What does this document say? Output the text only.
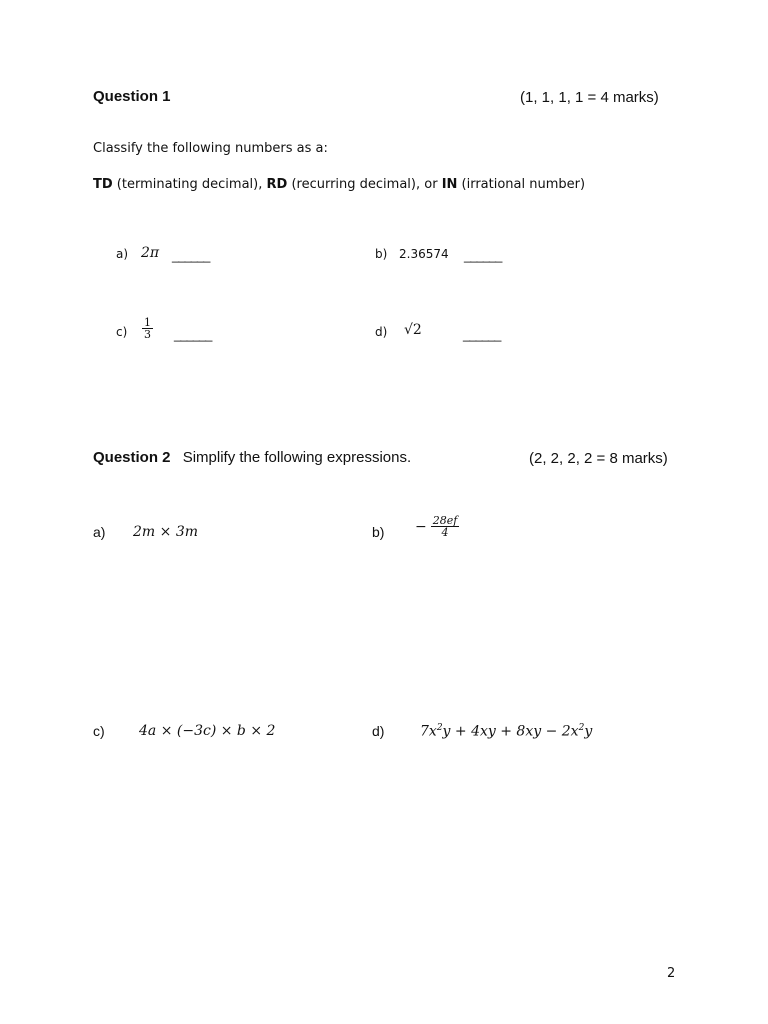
Question 1	(1, 1, 1, 1 = 4 marks)
Classify the following numbers as a:
TD (terminating decimal), RD (recurring decimal), or IN (irrational number)
a) 2π ______	b) 2.36574 ______
$c) \frac{1}{3}$ ______	d) √2	______
Question 2 Simplify the following expressions.	(2, 2, 2, 2 = 8 marks)
a) 2m × 3m	$b) - \frac{28ef}{4}$
c) 4a × (−3c) × b × 2	d)	$7x^2y + 4xy + 8xy - 2x^2y$
2
